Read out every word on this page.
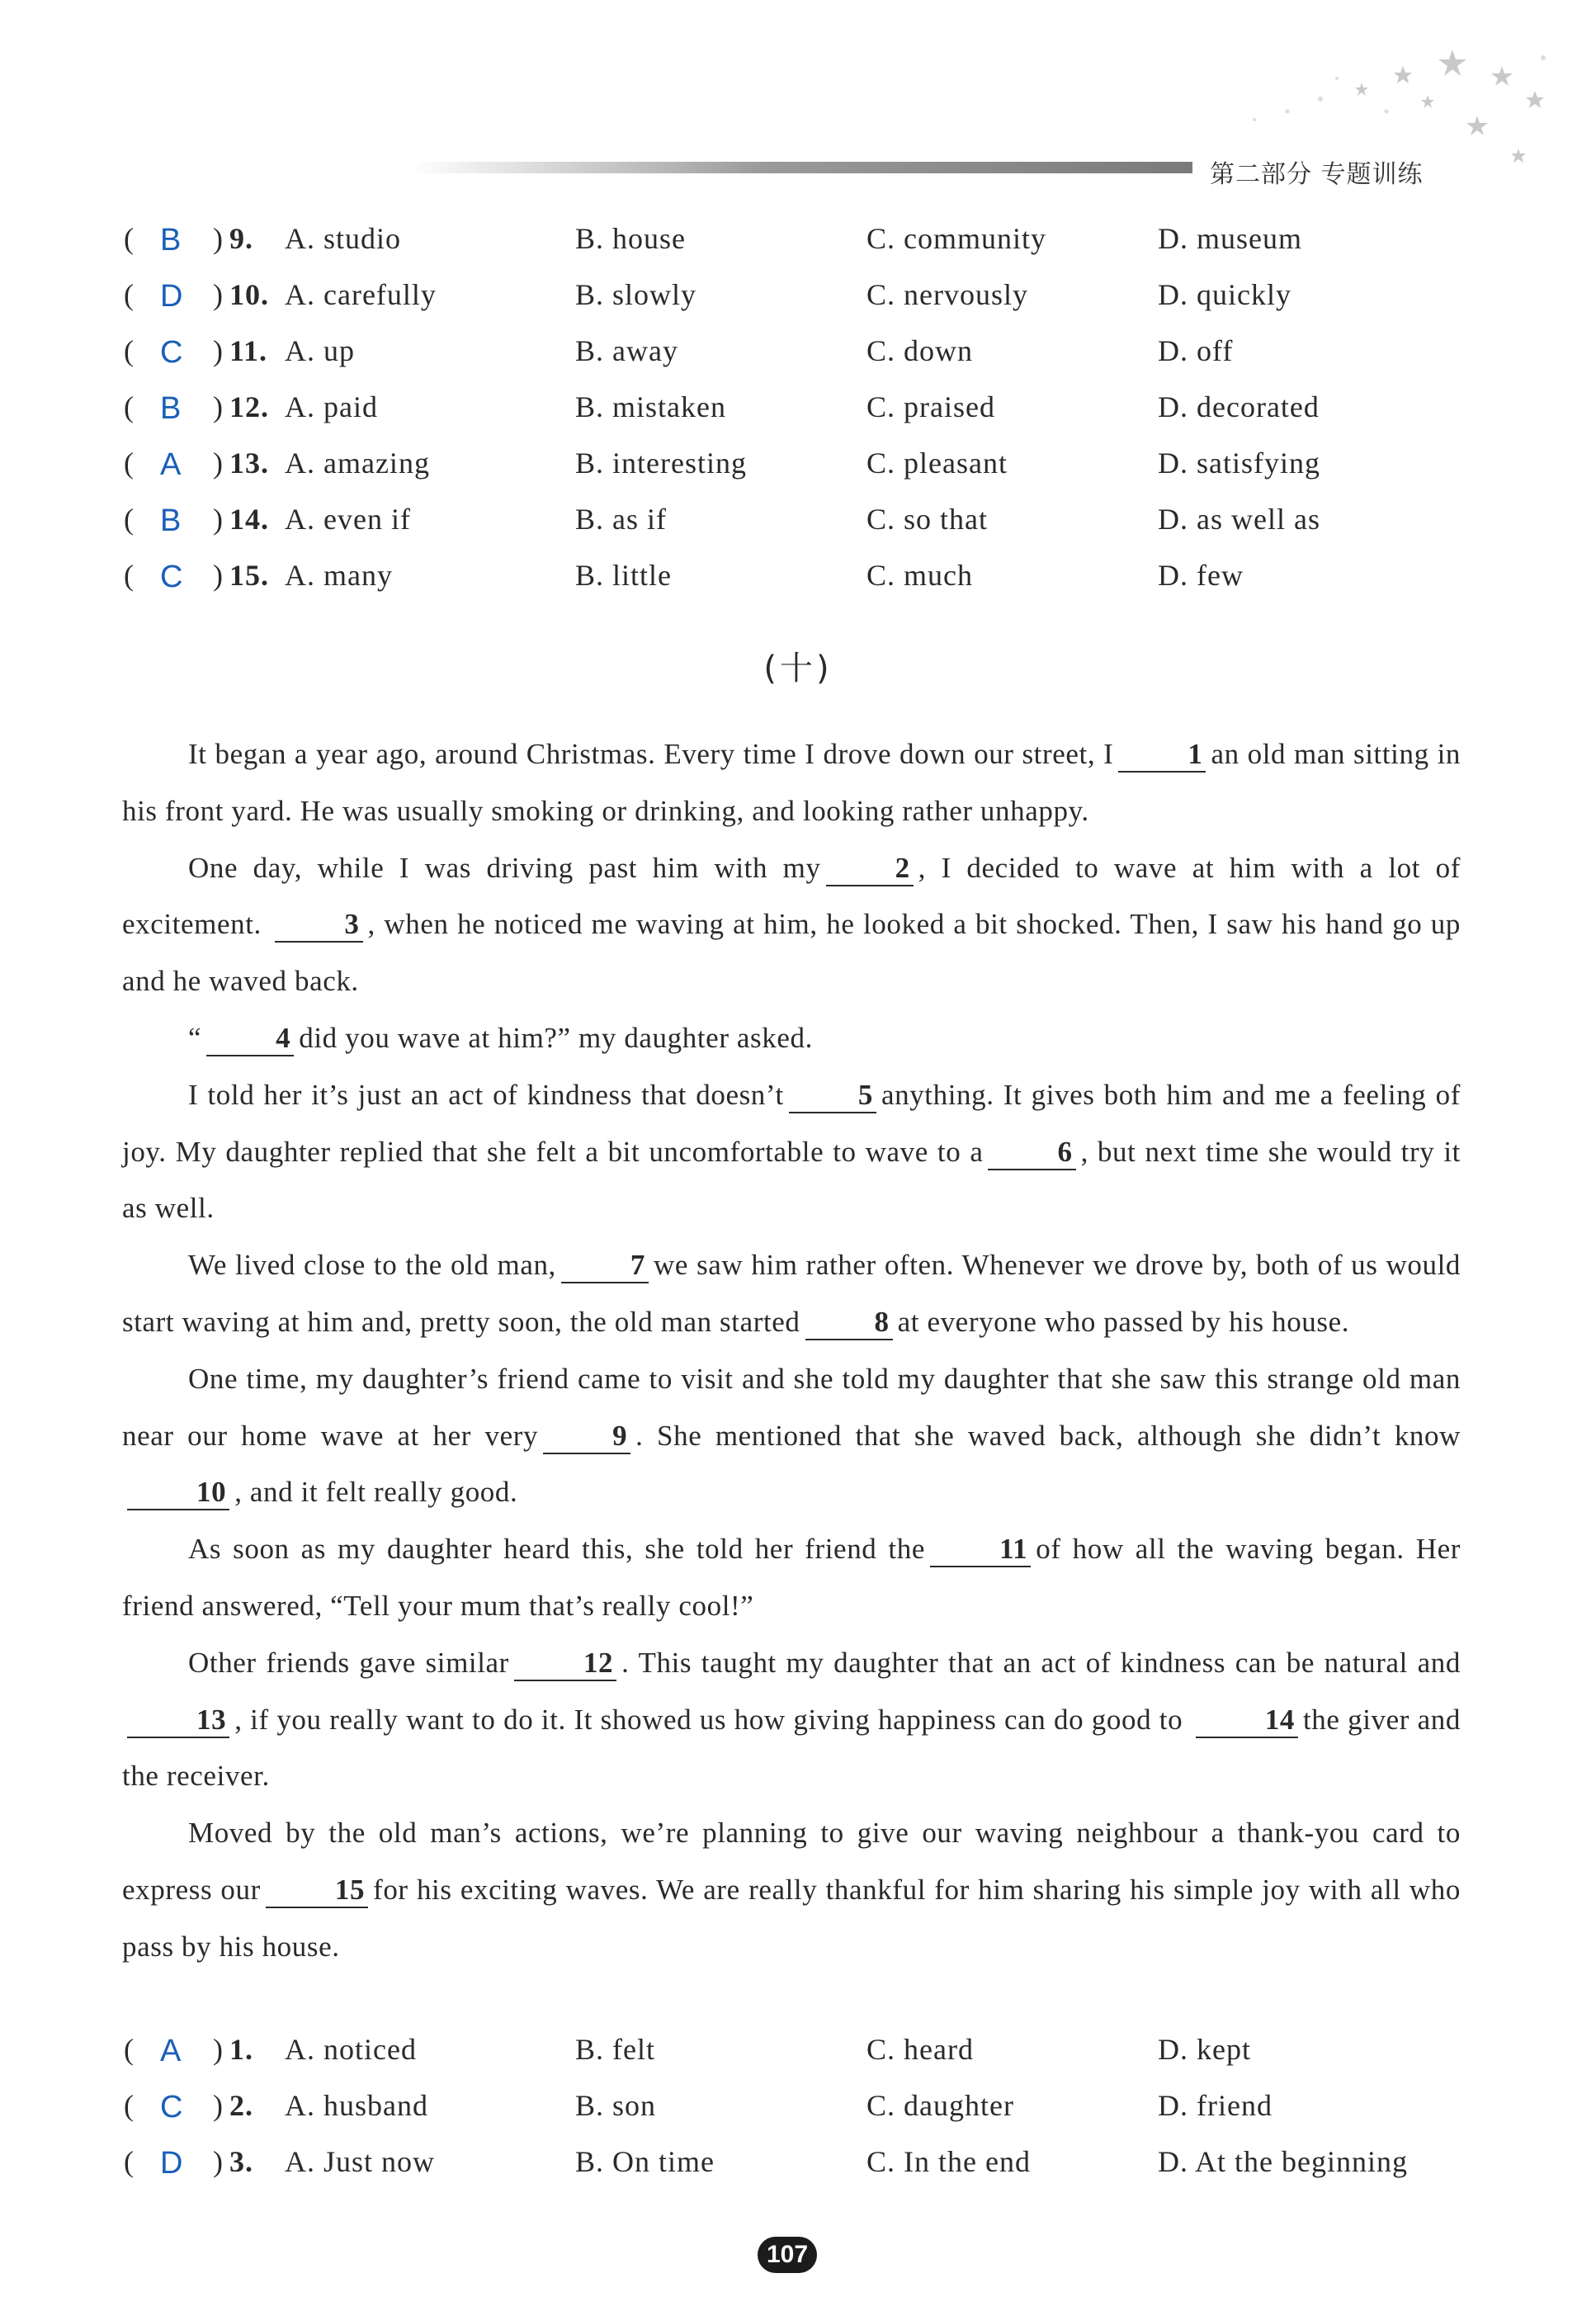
第二部分 专题训练
( B ) 9. A. studio	B. house	C. community	D. museum
( D ) 10. A. carefully	B. slowly	C. nervously	D. quickly
( C ) 11. A. up	B. away	C. down	D. off
( B ) 12. A. paid	B. mistaken	C. praised	D. decorated
( A ) 13. A. amazing	B. interesting	C. pleasant	D. satisfying
( B ) 14. A. even if	B. as if	C. so that	D. as well as
( C ) 15. A. many	B. little	C. much	D. few
(十)

It began a year ago, around Christmas. Every time I drove down our street, I	1 an old man sitting in his front yard. He was usually smoking or drinking, and looking rather unhappy.

One day, while I was driving past him with my	2 , I decided to wave at him with a lot of excitement.	3 , when he noticed me waving at him, he looked a bit shocked. Then, I saw his hand go up and he waved back.

“	4 did you wave at him?” my daughter asked.

I told her it’s just an act of kindness that doesn’t	5 anything. It gives both him and me a feeling of joy. My daughter replied that she felt a bit uncomfortable to wave to a	6 , but next time she would try it as well.

We lived close to the old man,	7 we saw him rather often. Whenever we drove by, both of us would start waving at him and, pretty soon, the old man started	8 at everyone who passed by his house.

One time, my daughter’s friend came to visit and she told my daughter that she saw this strange old man near our home wave at her very	9 . She mentioned that she waved back, although she didn’t know10 , and it felt really good.

As soon as my daughter heard this, she told her friend the	11 of how all the waving began. Her friend answered, “Tell your mum that’s really cool!”

Other friends gave similar	12 . This taught my daughter that an act of kindness can be natural and13 , if you really want to do it. It showed us how giving happiness can do good to	14 the giver and the receiver.

Moved by the old man’s actions, we’re planning to give our waving neighbour a thank-you card to express our	15 for his exciting waves. We are really thankful for him sharing his simple joy with all who pass by his house.

( A ) 1. A. noticed	B. felt	C. heard	D. kept
( C ) 2. A. husband	B. son	C. daughter	D. friend
( D ) 3. A. Just now	B. On time	C. In the end	D. At the beginning
107
